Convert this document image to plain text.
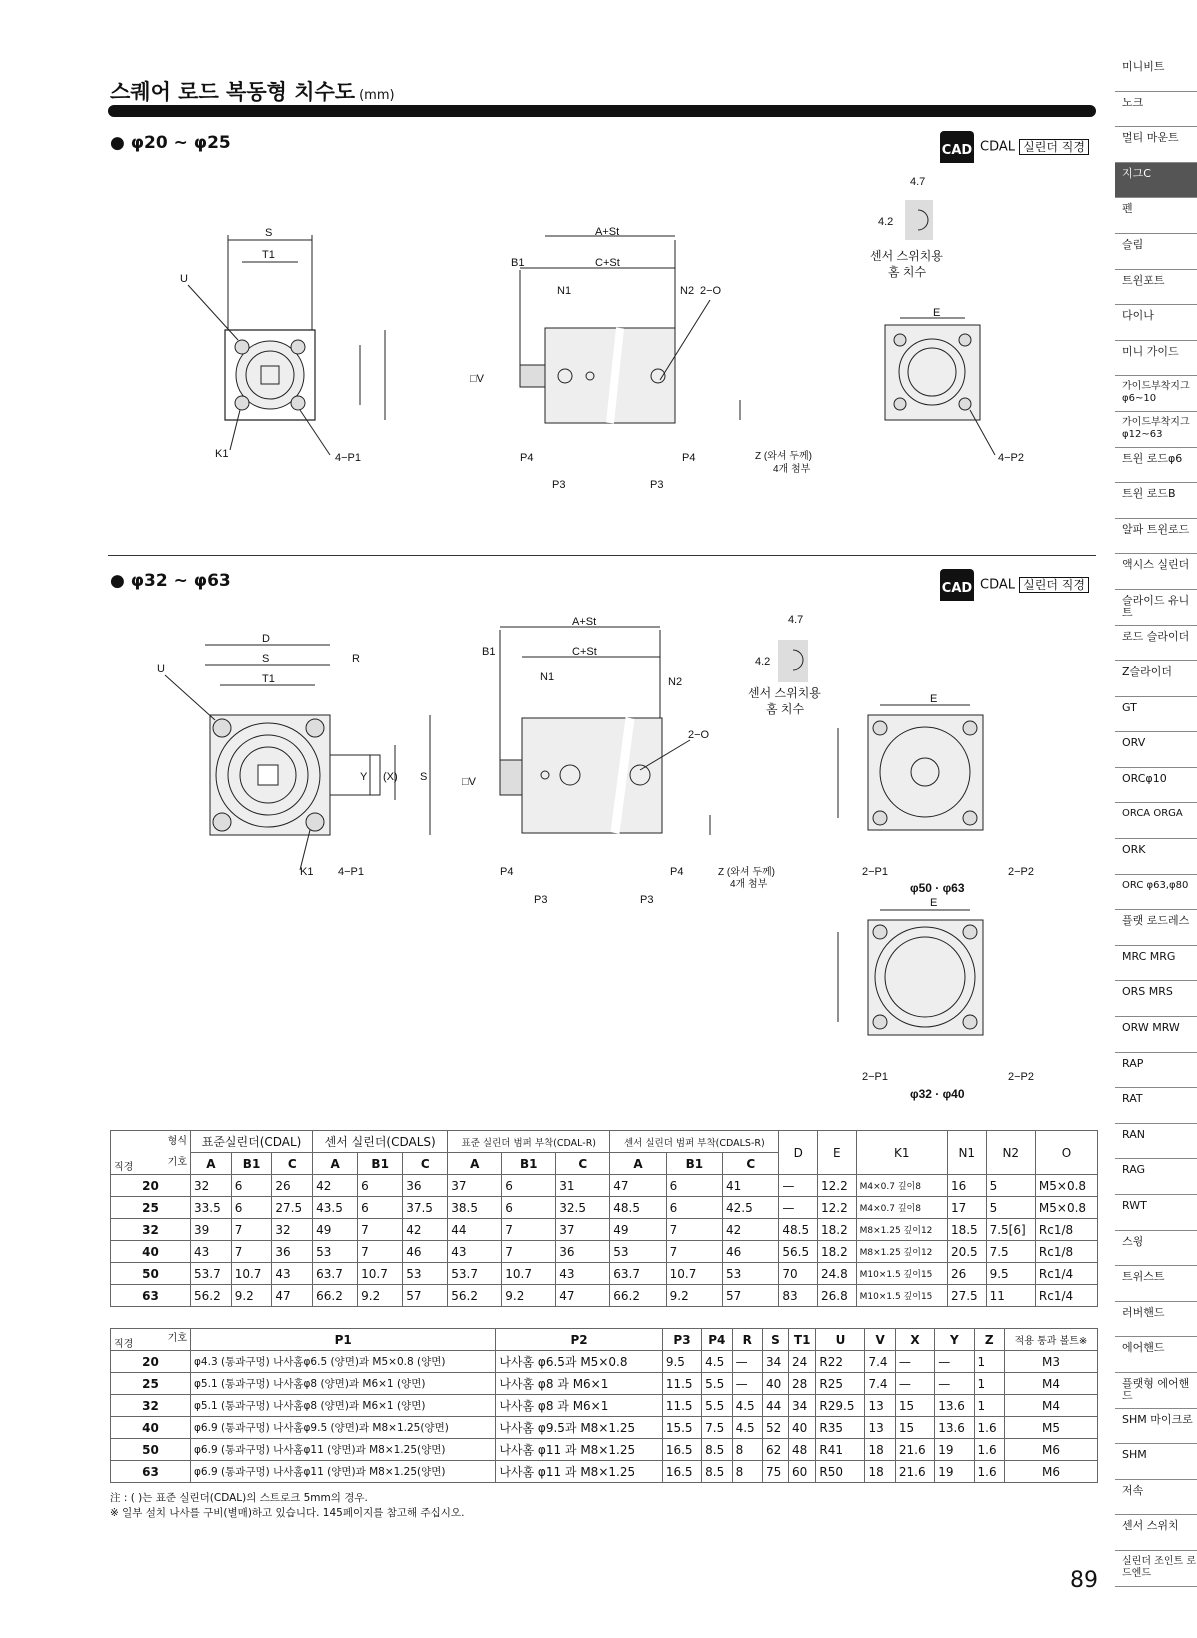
스퀘어 로드 복동형 치수도 (mm)
● φ20 ~ φ25	CAD CDAL 실린더 직경
● φ32 ~ φ63	CAD CDAL 실린더 직경
S
T1
U
K1	4−P1
A+St
C+St
B1
N1	N2 2−O
P3	P3
P4	P4	Z (와셔 두께)
4개 첨부
□V
센서 스위치용
홈 치수
4.7
4.2
E
4−P2
D
S	R
T1
U
K1 4−P1
Y (X) S
A+St
C+St
B1
N1	N2
2−O
P3	P3
P4	P4	Z (와셔 두께)
4개 첨부
□V
센서 스위치용
홈 치수
4.7
4.2
E
2−P1	2−P2
φ50 · φ63
E
2−P1	2−P2
φ32 · φ40
형식
기호
직경	표준실린더(CDAL)			센서 실린더(CDALS)			표준 실린더 범퍼 부착(CDAL-R)			센서 실린더 범퍼 부착(CDALS-R)			D	E	K1	N1	N2	O
	A	B1	C	A	B1	C	A	B1	C	A	B1	C						
20	32	6	26	42	6	36	37	6	31	47	6	41	—	12.2	M4×0.7 깊이8	16	5	M5×0.8
25	33.5	6	27.5	43.5	6	37.5	38.5	6	32.5	48.5	6	42.5	—	12.2	M4×0.7 깊이8	17	5	M5×0.8
32	39	7	32	49	7	42	44	7	37	49	7	42	48.5	18.2	M8×1.25 깊이12	18.5	7.5[6]	Rc1/8
40	43	7	36	53	7	46	43	7	36	53	7	46	56.5	18.2	M8×1.25 깊이12	20.5	7.5	Rc1/8
50	53.7	10.7	43	63.7	10.7	53	53.7	10.7	43	63.7	10.7	53	70	24.8	M10×1.5 깊이15	26	9.5	Rc1/4
63	56.2	9.2	47	66.2	9.2	57	56.2	9.2	47	66.2	9.2	57	83	26.8	M10×1.5 깊이15	27.5	11	Rc1/4
기호
직경	P1	P2	P3	P4	R	S	T1	U	V	X	Y	Z	적용 통과 볼트※
20	φ4.3 (통과구멍) 나사홈φ6.5 (양면)과 M5×0.8 (양면)	나사홈 φ6.5과 M5×0.8	9.5	4.5	—	34	24	R22	7.4	—	—	1	M3
25	φ5.1 (통과구멍) 나사홈φ8 (양면)과 M6×1 (양면)	나사홈 φ8 과 M6×1	11.5	5.5	—	40	28	R25	7.4	—	—	1	M4
32	φ5.1 (통과구멍) 나사홈φ8 (양면)과 M6×1 (양면)	나사홈 φ8 과 M6×1	11.5	5.5	4.5	44	34	R29.5	13	15	13.6	1	M4
40	φ6.9 (통과구멍) 나사홈φ9.5 (양면)과 M8×1.25(양면)	나사홈 φ9.5과 M8×1.25	15.5	7.5	4.5	52	40	R35	13	15	13.6	1.6	M5
50	φ6.9 (통과구멍) 나사홈φ11 (양면)과 M8×1.25(양면)	나사홈 φ11 과 M8×1.25	16.5	8.5	8	62	48	R41	18	21.6	19	1.6	M6
63	φ6.9 (통과구멍) 나사홈φ11 (양면)과 M8×1.25(양면)	나사홈 φ11 과 M8×1.25	16.5	8.5	8	75	60	R50	18	21.6	19	1.6	M6
注 : ( )는 표준 실린더(CDAL)의 스트로크 5mm의 경우.
※ 일부 설치 나사를 구비(별매)하고 있습니다. 145페이지를 참고해 주십시오.
미니비트
노크
멀티 마운트
지그C
펜
슬림
트윈포트
다이나
미니 가이드
가이드부착지그 φ6~10
가이드부착지그 φ12~63
트윈 로드φ6
트윈 로드B
알파 트윈로드
액시스 실린더
슬라이드 유니트
로드 슬라이더
Z슬라이더
GT
ORV
ORCφ10
ORCA ORGA
ORK
ORC φ63,φ80
플랫 로드레스
MRC MRG
ORS MRS
ORW MRW
RAP
RAT
RAN
RAG
RWT
스윙
트위스트
러버핸드
에어핸드
플랫형 에어핸드
SHM 마이크로
SHM
저속
센서 스위치
실린더 조인트 로드엔드
89
